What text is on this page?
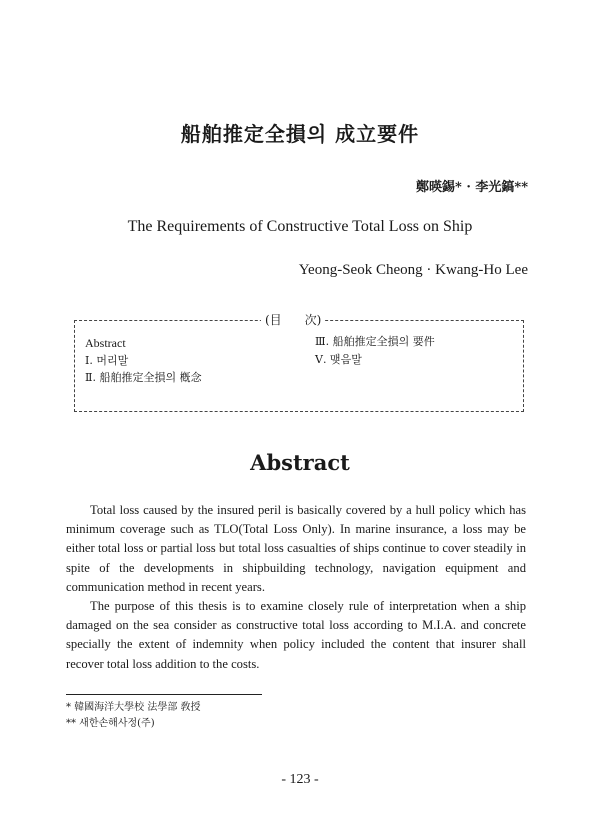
船舶推定全損의 成立要件
鄭暎錫* · 李光鎬**
The Requirements of Constructive Total Loss on Ship
Yeong-Seok Cheong · Kwang-Ho Lee
(目      次)
Abstract
Ⅰ. 머리말
Ⅱ. 船舶推定全損의 槪念
Ⅲ. 船舶推定全損의 要件
Ⅴ. 맺음말
Abstract

Total loss caused by the insured peril is basically covered by a hull policy which has minimum coverage such as TLO(Total Loss Only). In marine insurance, a loss may be either total loss or partial loss but total loss casualties of ships continue to cover steadily in spite of the developments in shipbuilding technology, navigation equipment and communication method in recent years.

The purpose of this thesis is to examine closely rule of interpretation when a ship damaged on the sea consider as constructive total loss according to M.I.A. and concrete specially the extent of indemnity when policy included the content that insurer shall recover total loss addition to the costs.

* 韓國海洋大學校 法學部 敎授
** 새한손해사정(주)
- 123 -
